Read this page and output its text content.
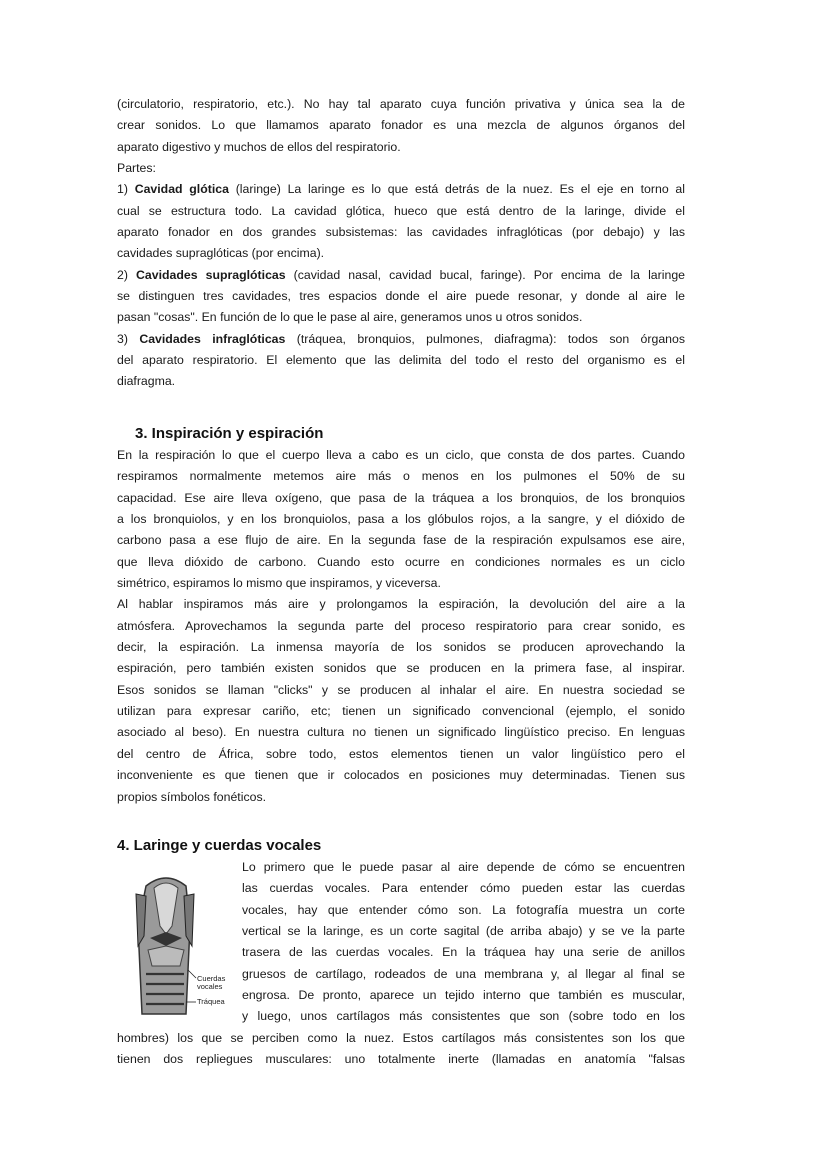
(circulatorio, respiratorio, etc.). No hay tal aparato cuya función privativa y única sea la de
crear sonidos. Lo que llamamos aparato fonador es una mezcla de algunos órganos del
aparato digestivo y muchos de ellos del respiratorio.
Partes:
1) Cavidad glótica (laringe) La laringe es lo que está detrás de la nuez. Es el eje en torno al
cual se estructura todo. La cavidad glótica, hueco que está dentro de la laringe, divide el
aparato fonador en dos grandes subsistemas: las cavidades infraglóticas (por debajo) y las
cavidades supraglóticas (por encima).
2) Cavidades supraglóticas (cavidad nasal, cavidad bucal, faringe). Por encima de la laringe
se distinguen tres cavidades, tres espacios donde el aire puede resonar, y donde al aire le
pasan "cosas". En función de lo que le pase al aire, generamos unos u otros sonidos.
3) Cavidades infraglóticas (tráquea, bronquios, pulmones, diafragma): todos son órganos
del aparato respiratorio. El elemento que las delimita del todo el resto del organismo es el
diafragma.
3. Inspiración y espiración
En la respiración lo que el cuerpo lleva a cabo es un ciclo, que consta de dos partes. Cuando
respiramos normalmente metemos aire más o menos en los pulmones el 50% de su
capacidad. Ese aire lleva oxígeno, que pasa de la tráquea a los bronquios, de los bronquios
a los bronquiolos, y en los bronquiolos, pasa a los glóbulos rojos, a la sangre, y el dióxido de
carbono pasa a ese flujo de aire. En la segunda fase de la respiración expulsamos ese aire,
que lleva dióxido de carbono. Cuando esto ocurre en condiciones normales es un ciclo
simétrico, espiramos lo mismo que inspiramos, y viceversa.
Al hablar inspiramos más aire y prolongamos la espiración, la devolución del aire a la
atmósfera. Aprovechamos la segunda parte del proceso respiratorio para crear sonido, es
decir, la espiración. La inmensa mayoría de los sonidos se producen aprovechando la
espiración, pero también existen sonidos que se producen en la primera fase, al inspirar.
Esos sonidos se llaman "clicks" y se producen al inhalar el aire. En nuestra sociedad se
utilizan para expresar cariño, etc; tienen un significado convencional (ejemplo, el sonido
asociado al beso). En nuestra cultura no tienen un significado lingüístico preciso. En lenguas
del centro de África, sobre todo, estos elementos tienen un valor lingüístico pero el
inconveniente es que tienen que ir colocados en posiciones muy determinadas. Tienen sus
propios símbolos fonéticos.
4. Laringe y cuerdas vocales
Lo primero que le puede pasar al aire depende de cómo se encuentren
las cuerdas vocales. Para entender cómo pueden estar las cuerdas
vocales, hay que entender cómo son. La fotografía muestra un corte
vertical se la laringe, es un corte sagital (de arriba abajo) y se ve la parte
trasera de las cuerdas vocales. En la tráquea hay una serie de anillos
gruesos de cartílago, rodeados de una membrana y, al llegar al final se
engrosa. De pronto, aparece un tejido interno que también es muscular,
y luego, unos cartílagos más consistentes que son (sobre todo en los
hombres) los que se perciben como la nuez. Estos cartílagos más consistentes son los que
tienen dos repliegues musculares: uno totalmente inerte (llamadas en anatomía "falsas
Cuerdas vocales
Tráquea
